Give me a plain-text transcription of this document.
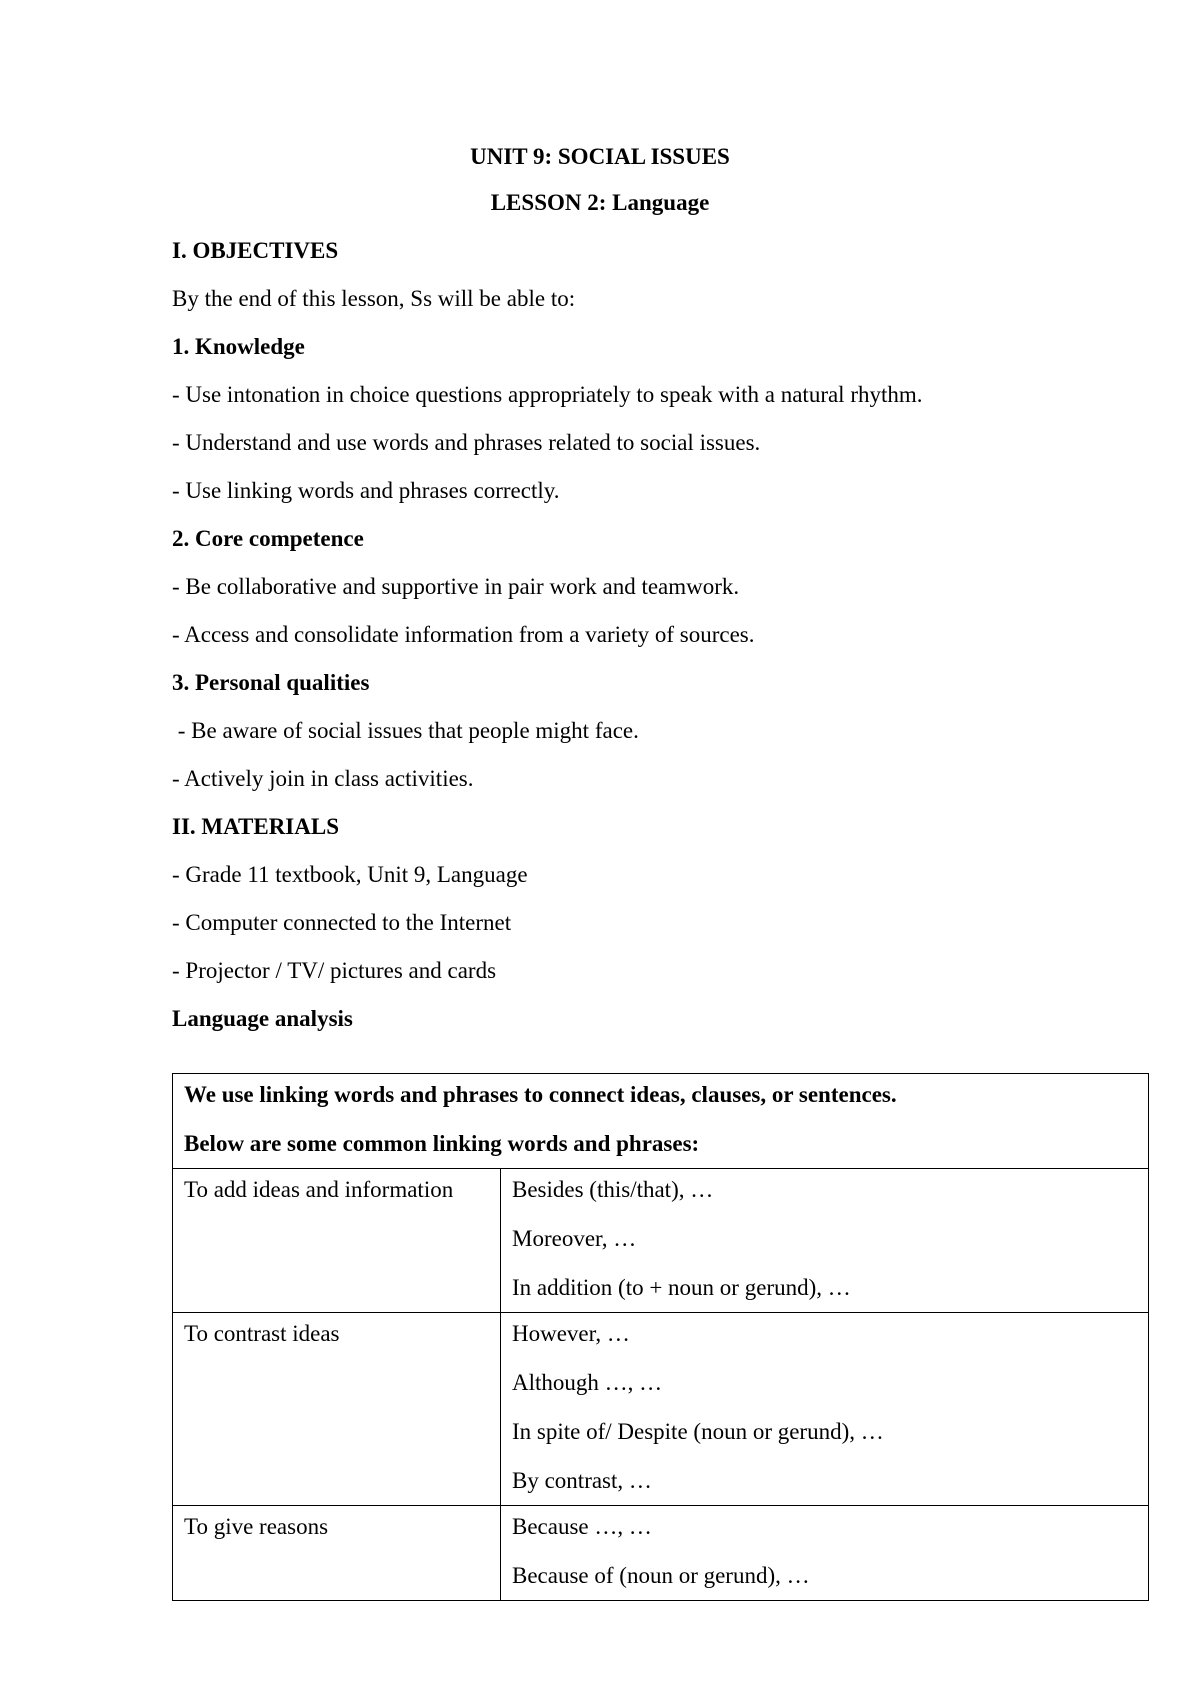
UNIT 9: SOCIAL ISSUES
LESSON 2: Language
I. OBJECTIVES
By the end of this lesson, Ss will be able to:
1. Knowledge
- Use intonation in choice questions appropriately to speak with a natural rhythm.
- Understand and use words and phrases related to social issues.
- Use linking words and phrases correctly.
2. Core competence
- Be collaborative and supportive in pair work and teamwork.
- Access and consolidate information from a variety of sources.
3. Personal qualities
- Be aware of social issues that people might face.
- Actively join in class activities.
II. MATERIALS
- Grade 11 textbook, Unit 9, Language
- Computer connected to the Internet
- Projector / TV/ pictures and cards
Language analysis

We use linking words and phrases to connect ideas, clauses, or sentences.

Below are some common linking words and phrases:	

To add ideas and information	Besides (this/that), …

Moreover, …

In addition (to + noun or gerund), …

To contrast ideas	However, …

Although …, …

In spite of/ Despite (noun or gerund), …

By contrast, …

To give reasons	Because …, …

Because of (noun or gerund), …
